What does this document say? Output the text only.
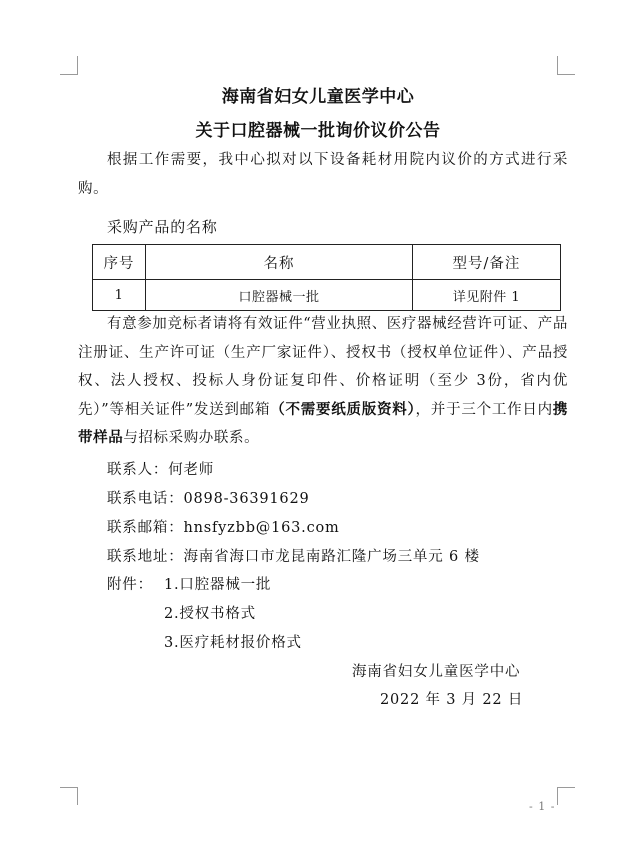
海南省妇女儿童医学中心
关于口腔器械一批询价议价公告
根据工作需要，我中心拟对以下设备耗材用院内议价的方式进行采购。
采购产品的名称
序号	名称	型号/备注
1	口腔器械一批	详见附件 1
有意参加竞标者请将有效证件“营业执照、医疗器械经营许可证、产品注册证、生产许可证（生产厂家证件）、授权书（授权单位证件）、产品授权、法人授权、投标人身份证复印件、价格证明（至少 3份，省内优先）”等相关证件”发送到邮箱（不需要纸质版资料），并于三个工作日内携带样品与招标采购办联系。
联系人：何老师
联系电话：0898-36391629
联系邮箱：hnsfyzbb@163.com
联系地址：海南省海口市龙昆南路汇隆广场三单元 6 楼
附件： 1.口腔器械一批
2.授权书格式
3.医疗耗材报价格式
海南省妇女儿童医学中心
2022 年 3 月 22 日
- 1 -
